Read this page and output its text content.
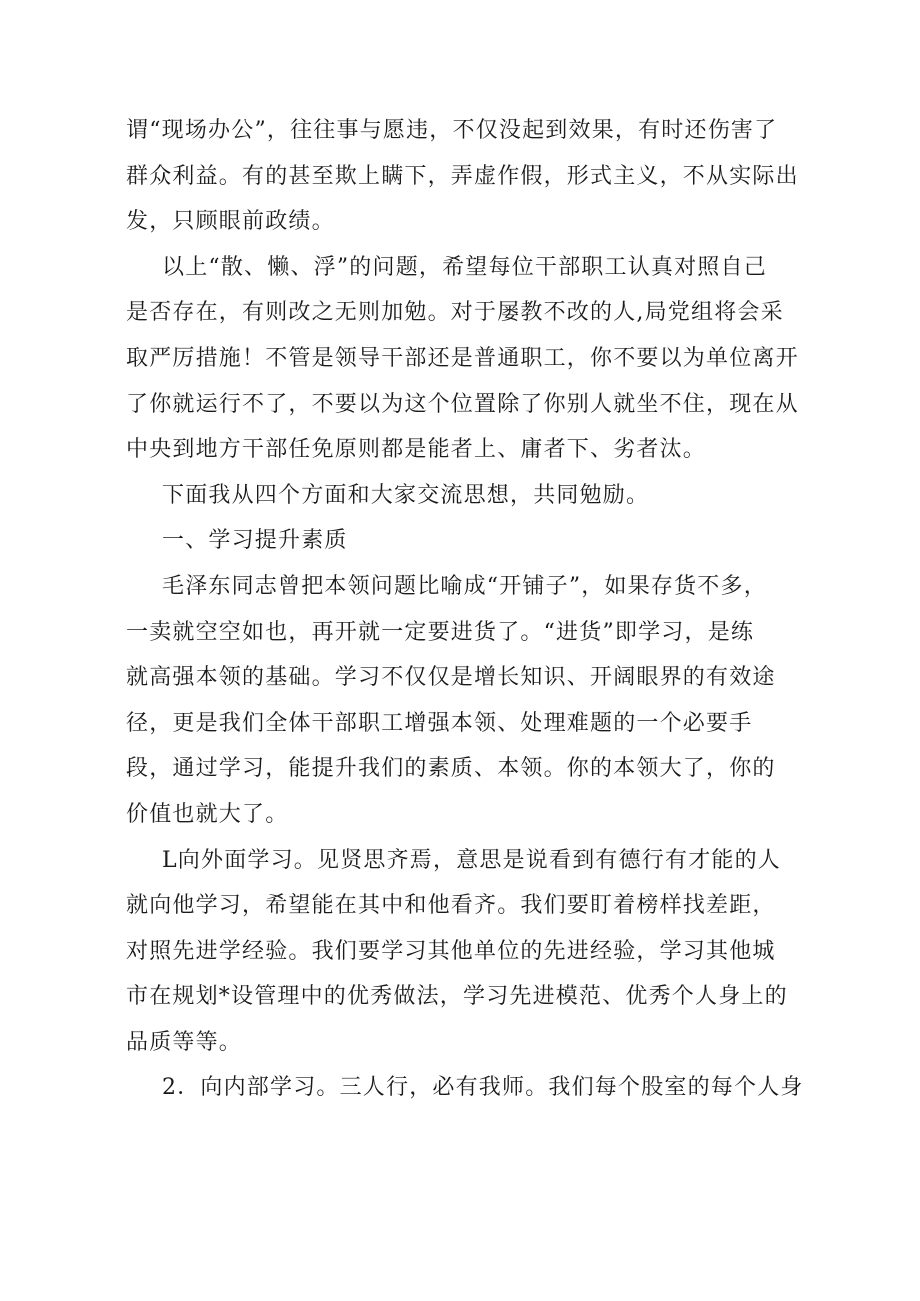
谓“现场办公”，往往事与愿违，不仅没起到效果，有时还伤害了
群众利益。有的甚至欺上瞒下，弄虚作假，形式主义，不从实际出
发，只顾眼前政绩。
以上“散、懒、浮”的问题，希望每位干部职工认真对照自己
是否存在，有则改之无则加勉。对于屡教不改的人,局党组将会采
取严厉措施！不管是领导干部还是普通职工，你不要以为单位离开
了你就运行不了，不要以为这个位置除了你别人就坐不住，现在从
中央到地方干部任免原则都是能者上、庸者下、劣者汰。
下面我从四个方面和大家交流思想，共同勉励。
一、学习提升素质
毛泽东同志曾把本领问题比喻成“开铺子”，如果存货不多，
一卖就空空如也，再开就一定要进货了。“进货”即学习，是练
就高强本领的基础。学习不仅仅是增长知识、开阔眼界的有效途
径，更是我们全体干部职工增强本领、处理难题的一个必要手
段，通过学习，能提升我们的素质、本领。你的本领大了，你的
价值也就大了。
L向外面学习。见贤思齐焉，意思是说看到有德行有才能的人
就向他学习，希望能在其中和他看齐。我们要盯着榜样找差距，
对照先进学经验。我们要学习其他单位的先进经验，学习其他城
市在规划*设管理中的优秀做法，学习先进模范、优秀个人身上的
品质等等。
2．向内部学习。三人行，必有我师。我们每个股室的每个人身
